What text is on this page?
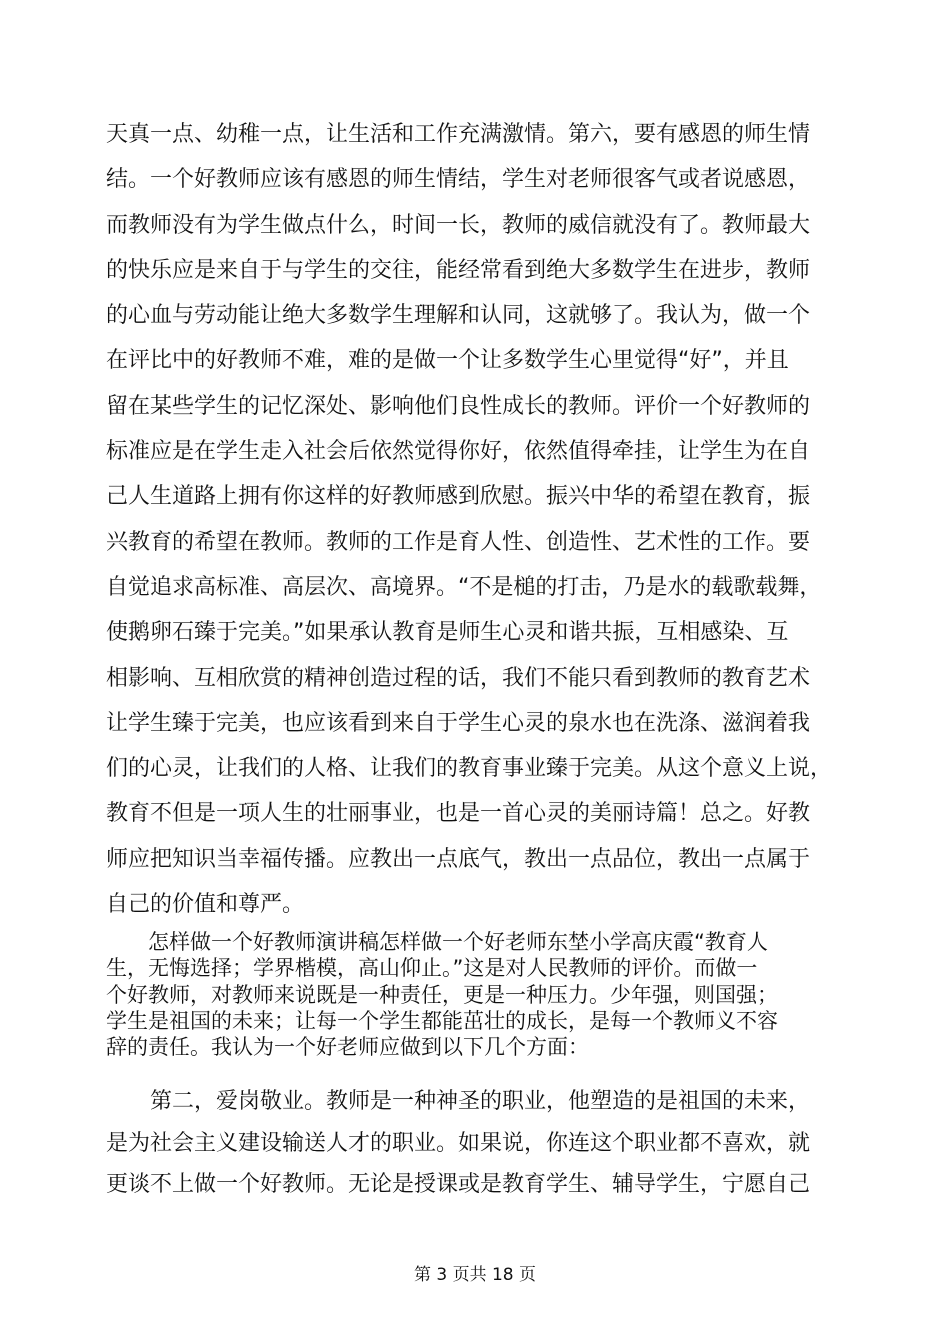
天真一点、幼稚一点，让生活和工作充满激情。第六，要有感恩的师生情
结。一个好教师应该有感恩的师生情结，学生对老师很客气或者说感恩，
而教师没有为学生做点什么，时间一长，教师的威信就没有了。教师最大
的快乐应是来自于与学生的交往，能经常看到绝大多数学生在进步，教师
的心血与劳动能让绝大多数学生理解和认同，这就够了。我认为，做一个
在评比中的好教师不难，难的是做一个让多数学生心里觉得“好”，并且
留在某些学生的记忆深处、影响他们良性成长的教师。评价一个好教师的
标准应是在学生走入社会后依然觉得你好，依然值得牵挂，让学生为在自
己人生道路上拥有你这样的好教师感到欣慰。振兴中华的希望在教育，振
兴教育的希望在教师。教师的工作是育人性、创造性、艺术性的工作。要
自觉追求高标准、高层次、高境界。“不是槌的打击，乃是水的载歌载舞，
使鹅卵石臻于完美。”如果承认教育是师生心灵和谐共振，互相感染、互
相影响、互相欣赏的精神创造过程的话，我们不能只看到教师的教育艺术
让学生臻于完美，也应该看到来自于学生心灵的泉水也在洗涤、滋润着我
们的心灵，让我们的人格、让我们的教育事业臻于完美。从这个意义上说，
教育不但是一项人生的壮丽事业，也是一首心灵的美丽诗篇！总之。好教
师应把知识当幸福传播。应教出一点底气，教出一点品位，教出一点属于
自己的价值和尊严。
　　怎样做一个好教师演讲稿怎样做一个好老师东埜小学高庆霞“教育人
生，无悔选择；学界楷模，高山仰止。”这是对人民教师的评价。而做一
个好教师，对教师来说既是一种责任，更是一种压力。少年强，则国强；
学生是祖国的未来；让每一个学生都能茁壮的成长，是每一个教师义不容
辞的责任。我认为一个好老师应做到以下几个方面：
　　第二，爱岗敬业。教师是一种神圣的职业，他塑造的是祖国的未来，
是为社会主义建设输送人才的职业。如果说，你连这个职业都不喜欢，就
更谈不上做一个好教师。无论是授课或是教育学生、辅导学生，宁愿自己
第 3 页共 18 页
